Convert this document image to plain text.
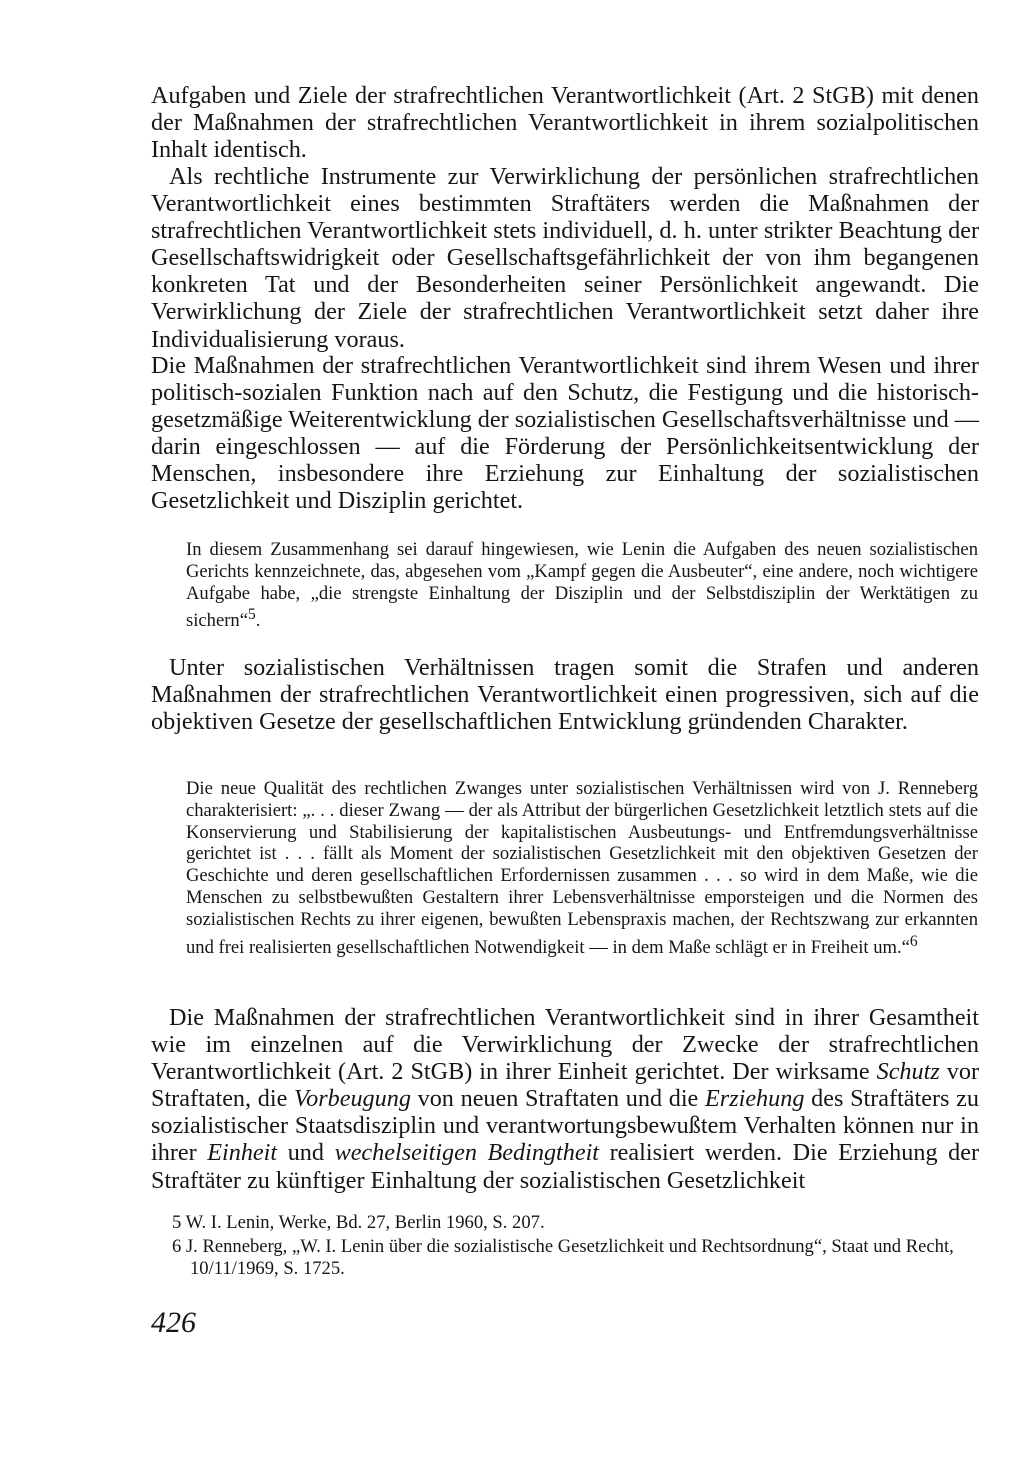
Aufgaben und Ziele der strafrechtlichen Verantwortlichkeit (Art. 2 StGB) mit denen der Maßnahmen der strafrechtlichen Verantwortlichkeit in ihrem sozialpolitischen Inhalt identisch.

Als rechtliche Instrumente zur Verwirklichung der persönlichen strafrechtlichen Verantwortlichkeit eines bestimmten Straftäters werden die Maßnahmen der strafrechtlichen Verantwortlichkeit stets individuell, d. h. unter strikter Beachtung der Gesellschaftswidrigkeit oder Gesellschaftsgefährlichkeit der von ihm begangenen konkreten Tat und der Besonderheiten seiner Persönlichkeit angewandt. Die Verwirklichung der Ziele der strafrechtlichen Verantwortlichkeit setzt daher ihre Individualisierung voraus.

Die Maßnahmen der strafrechtlichen Verantwortlichkeit sind ihrem Wesen und ihrer politisch-sozialen Funktion nach auf den Schutz, die Festigung und die historisch-gesetzmäßige Weiterentwicklung der sozialistischen Gesellschaftsverhältnisse und — darin eingeschlossen — auf die Förderung der Persönlichkeitsentwicklung der Menschen, insbesondere ihre Erziehung zur Einhaltung der sozialistischen Gesetzlichkeit und Disziplin gerichtet.

In diesem Zusammenhang sei darauf hingewiesen, wie Lenin die Aufgaben des neuen sozialistischen Gerichts kennzeichnete, das, abgesehen vom „Kampf gegen die Ausbeuter“, eine andere, noch wichtigere Aufgabe habe, „die strengste Einhaltung der Disziplin und der Selbstdisziplin der Werktätigen zu sichern“$^5$.

Unter sozialistischen Verhältnissen tragen somit die Strafen und anderen Maßnahmen der strafrechtlichen Verantwortlichkeit einen progressiven, sich auf die objektiven Gesetze der gesellschaftlichen Entwicklung gründenden Charakter.

Die neue Qualität des rechtlichen Zwanges unter sozialistischen Verhältnissen wird von J. Renneberg charakterisiert: „. . . dieser Zwang — der als Attribut der bürgerlichen Gesetzlichkeit letztlich stets auf die Konservierung und Stabilisierung der kapitalistischen Ausbeutungs- und Entfremdungsverhältnisse gerichtet ist . . . fällt als Moment der sozialistischen Gesetzlichkeit mit den objektiven Gesetzen der Geschichte und deren gesellschaftlichen Erfordernissen zusammen . . . so wird in dem Maße, wie die Menschen zu selbstbewußten Gestaltern ihrer Lebensverhältnisse emporsteigen und die Normen des sozialistischen Rechts zu ihrer eigenen, bewußten Lebenspraxis machen, der Rechtszwang zur erkannten und frei realisierten gesellschaftlichen Notwendigkeit — in dem Maße schlägt er in Freiheit um.“$^6$

Die Maßnahmen der strafrechtlichen Verantwortlichkeit sind in ihrer Gesamtheit wie im einzelnen auf die Verwirklichung der Zwecke der strafrechtlichen Verantwortlichkeit (Art. 2 StGB) in ihrer Einheit gerichtet. Der wirksame Schutz vor Straftaten, die Vorbeugung von neuen Straftaten und die Erziehung des Straftäters zu sozialistischer Staatsdisziplin und verantwortungsbewußtem Verhalten können nur in ihrer Einheit und wechelseitigen Bedingtheit realisiert werden. Die Erziehung der Straftäter zu künftiger Einhaltung der sozialistischen Gesetzlichkeit

5 W. I. Lenin, Werke, Bd. 27, Berlin 1960, S. 207.

6 J. Renneberg, „W. I. Lenin über die sozialistische Gesetzlichkeit und Rechtsordnung“, Staat und Recht, 10/11/1969, S. 1725.

426
